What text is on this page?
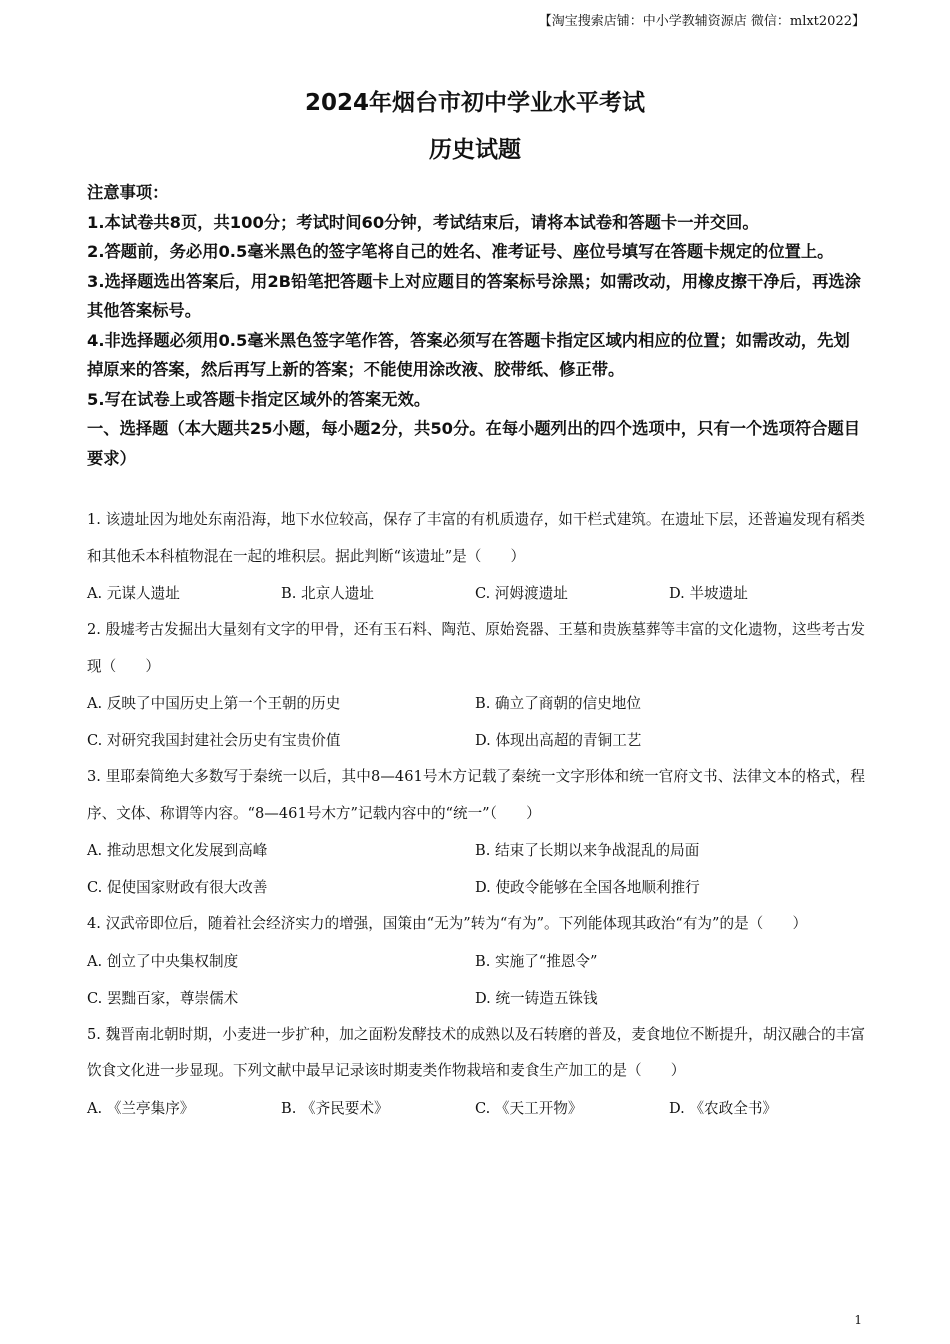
【淘宝搜索店铺：中小学教辅资源店 微信：mlxt2022】
2024年烟台市初中学业水平考试
历史试题
注意事项：
1.本试卷共8页，共100分；考试时间60分钟，考试结束后，请将本试卷和答题卡一并交回。
2.答题前，务必用0.5毫米黑色的签字笔将自己的姓名、准考证号、座位号填写在答题卡规定的位置上。
3.选择题选出答案后，用2B铅笔把答题卡上对应题目的答案标号涂黑；如需改动，用橡皮擦干净后，再选涂其他答案标号。
4.非选择题必须用0.5毫米黑色签字笔作答，答案必须写在答题卡指定区域内相应的位置；如需改动，先划掉原来的答案，然后再写上新的答案；不能使用涂改液、胶带纸、修正带。
5.写在试卷上或答题卡指定区域外的答案无效。
一、选择题（本大题共25小题，每小题2分，共50分。在每小题列出的四个选项中，只有一个选项符合题目要求）
1. 该遗址因为地处东南沿海，地下水位较高，保存了丰富的有机质遗存，如干栏式建筑。在遗址下层，还普遍发现有稻类和其他禾本科植物混在一起的堆积层。据此判断“该遗址”是（　　）
A. 元谋人遗址	B. 北京人遗址	C. 河姆渡遗址	D. 半坡遗址
2. 殷墟考古发掘出大量刻有文字的甲骨，还有玉石料、陶范、原始瓷器、王墓和贵族墓葬等丰富的文化遗物，这些考古发现（　　）
A. 反映了中国历史上第一个王朝的历史	B. 确立了商朝的信史地位
C. 对研究我国封建社会历史有宝贵价值	D. 体现出高超的青铜工艺
3. 里耶秦简绝大多数写于秦统一以后，其中8—461号木方记载了秦统一文字形体和统一官府文书、法律文本的格式，程序、文体、称谓等内容。“8—461号木方”记载内容中的“统一”（　　）
A. 推动思想文化发展到高峰	B. 结束了长期以来争战混乱的局面
C. 促使国家财政有很大改善	D. 使政令能够在全国各地顺利推行
4. 汉武帝即位后，随着社会经济实力的增强，国策由“无为”转为“有为”。下列能体现其政治“有为”的是（　　）
A. 创立了中央集权制度	B. 实施了“推恩令”
C. 罢黜百家，尊崇儒术	D. 统一铸造五铢钱
5. 魏晋南北朝时期，小麦进一步扩种，加之面粉发酵技术的成熟以及石转磨的普及，麦食地位不断提升，胡汉融合的丰富饮食文化进一步显现。下列文献中最早记录该时期麦类作物栽培和麦食生产加工的是（　　）
A. 《兰亭集序》	B. 《齐民要术》	C. 《天工开物》	D. 《农政全书》
1
